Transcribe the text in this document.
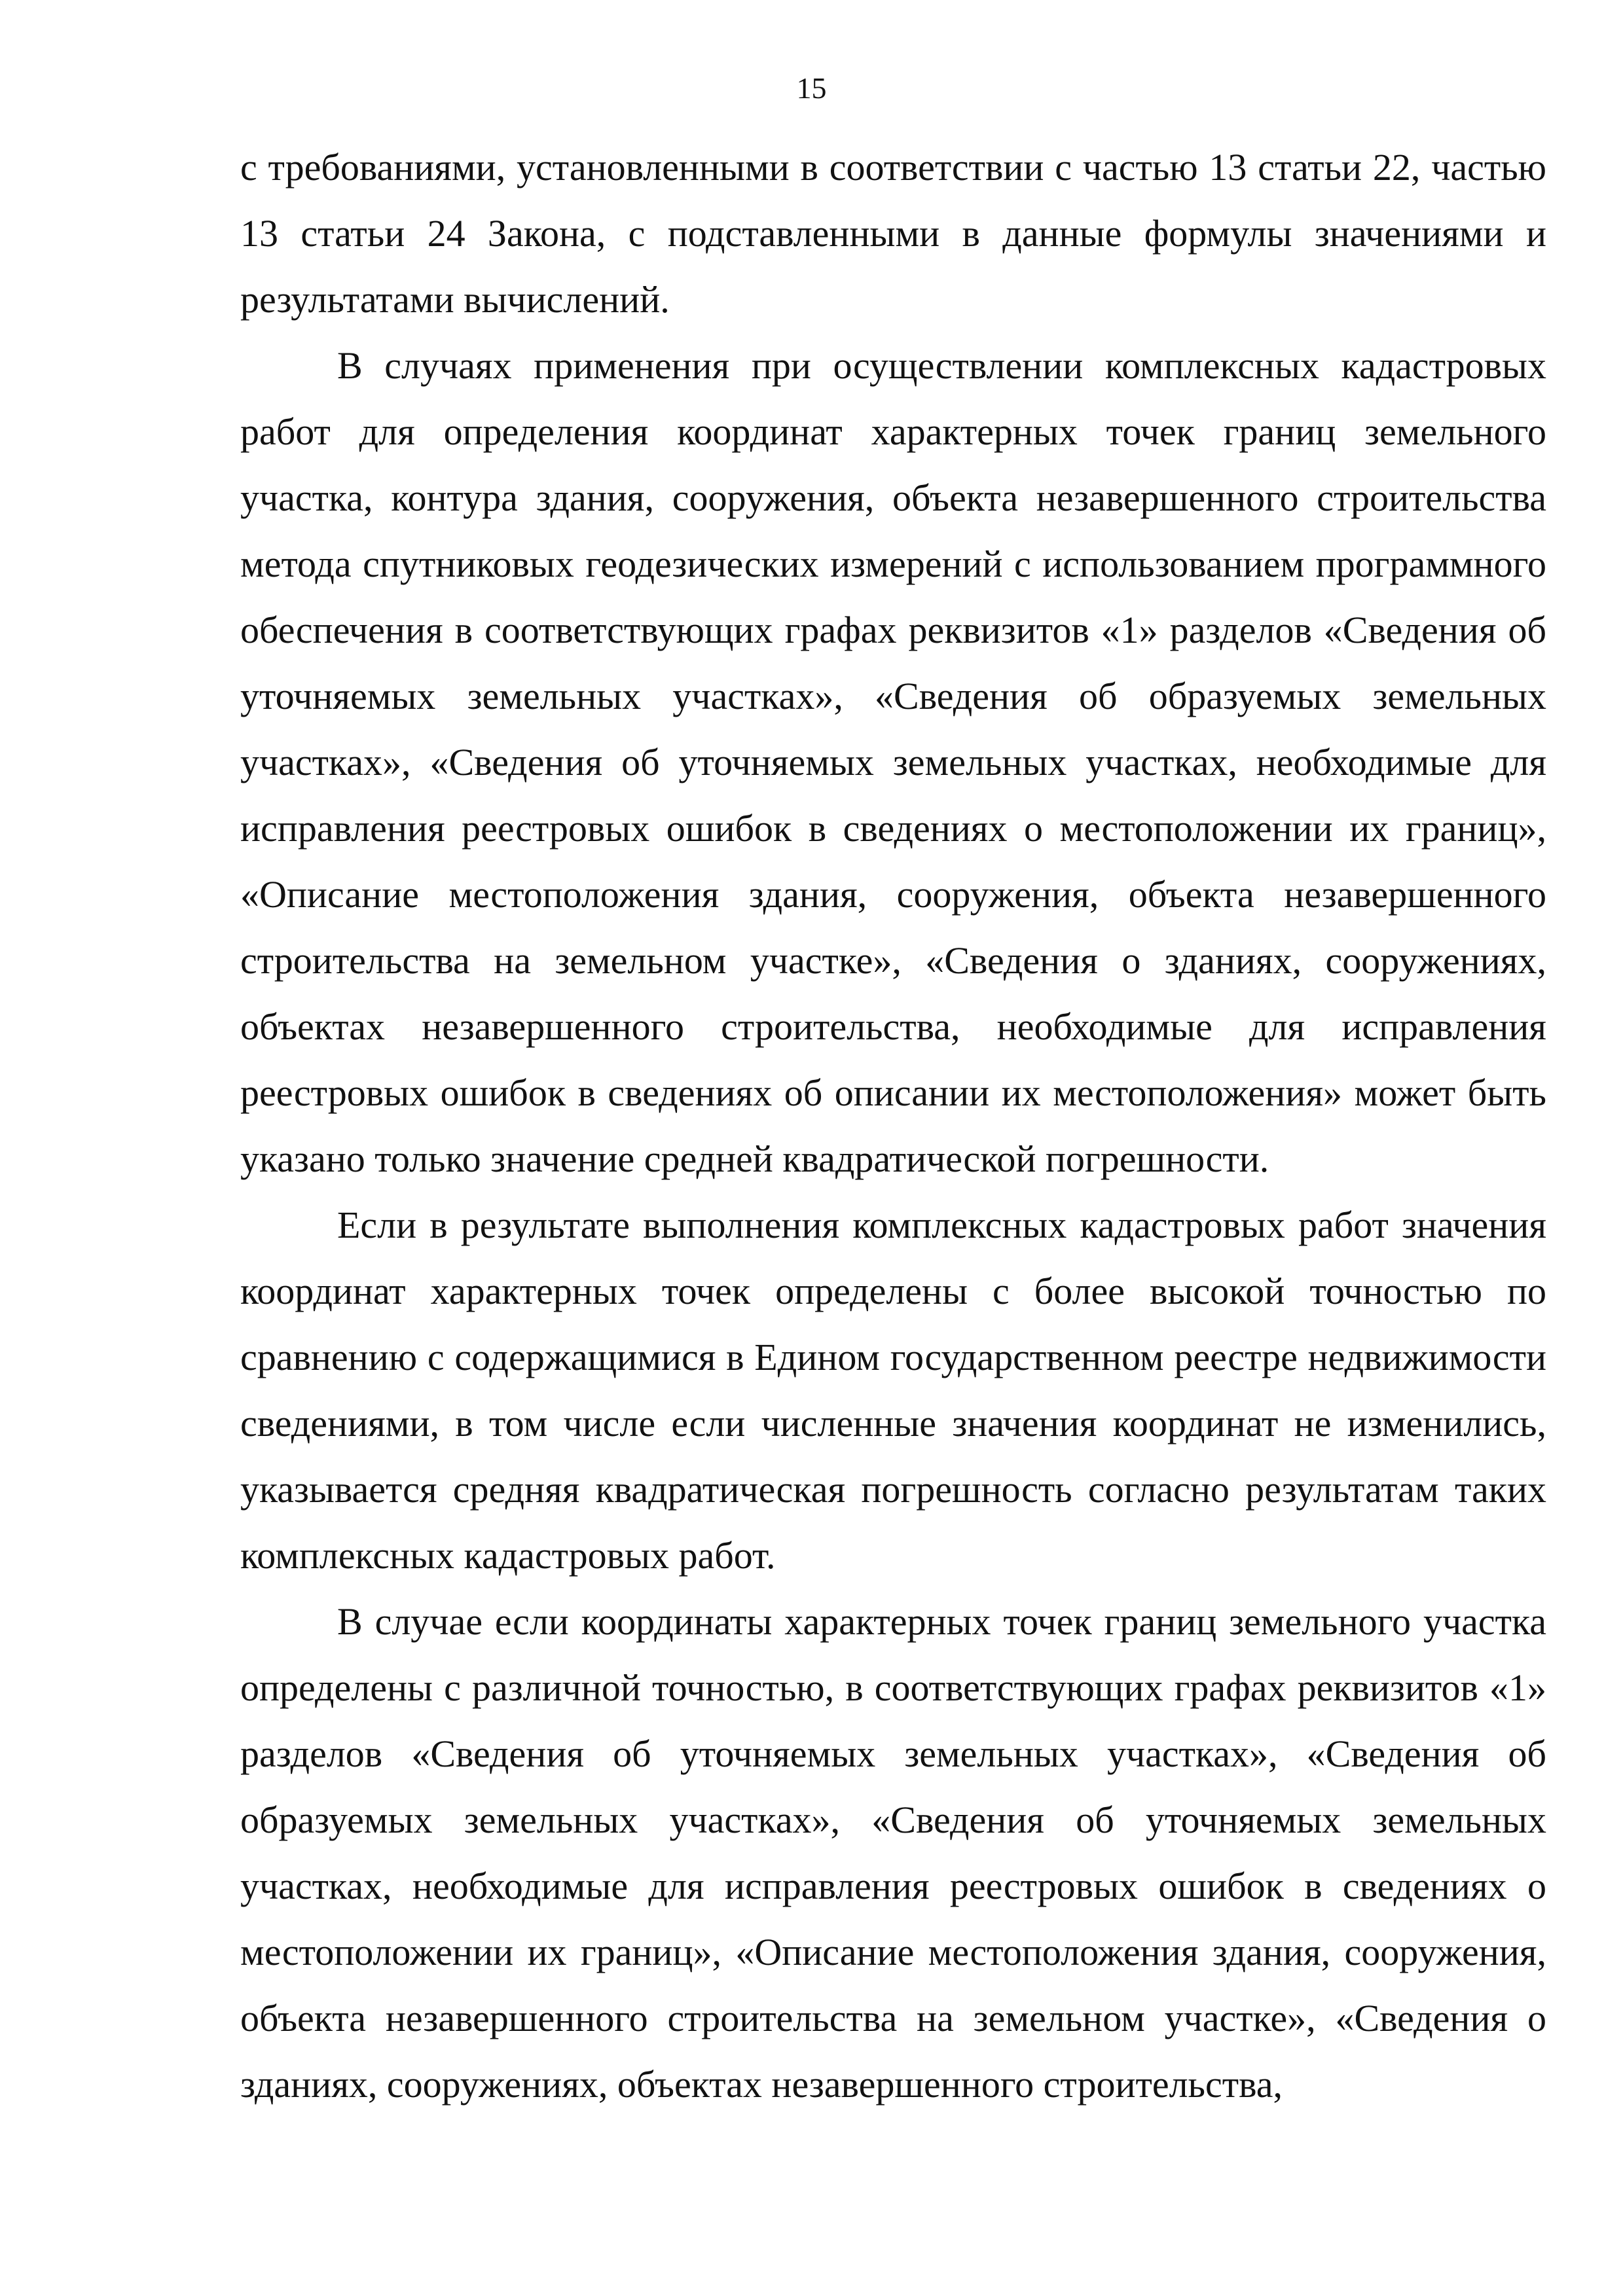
15

с требованиями, установленными в соответствии с частью 13 статьи 22, частью 13 статьи 24 Закона, с подставленными в данные формулы значениями и результатами вычислений.

В случаях применения при осуществлении комплексных кадастровых работ для определения координат характерных точек границ земельного участка, контура здания, сооружения, объекта незавершенного строительства метода спутниковых геодезических измерений с использованием программного обеспечения в соответствующих графах реквизитов «1» разделов «Сведения об уточняемых земельных участках», «Сведения об образуемых земельных участках», «Сведения об уточняемых земельных участках, необходимые для исправления реестровых ошибок в сведениях о местоположении их границ», «Описание местоположения здания, сооружения, объекта незавершенного строительства на земельном участке», «Сведения о зданиях, сооружениях, объектах незавершенного строительства, необходимые для исправления реестровых ошибок в сведениях об описании их местоположения» может быть указано только значение средней квадратической погрешности.

Если в результате выполнения комплексных кадастровых работ значения координат характерных точек определены с более высокой точностью по сравнению с содержащимися в Едином государственном реестре недвижимости сведениями, в том числе если численные значения координат не изменились, указывается средняя квадратическая погрешность согласно результатам таких комплексных кадастровых работ.

В случае если координаты характерных точек границ земельного участка определены с различной точностью, в соответствующих графах реквизитов «1» разделов «Сведения об уточняемых земельных участках», «Сведения об образуемых земельных участках», «Сведения об уточняемых земельных участках, необходимые для исправления реестровых ошибок в сведениях о местоположении их границ», «Описание местоположения здания, сооружения, объекта незавершенного строительства на земельном участке», «Сведения о зданиях, сооружениях, объектах незавершенного строительства,
